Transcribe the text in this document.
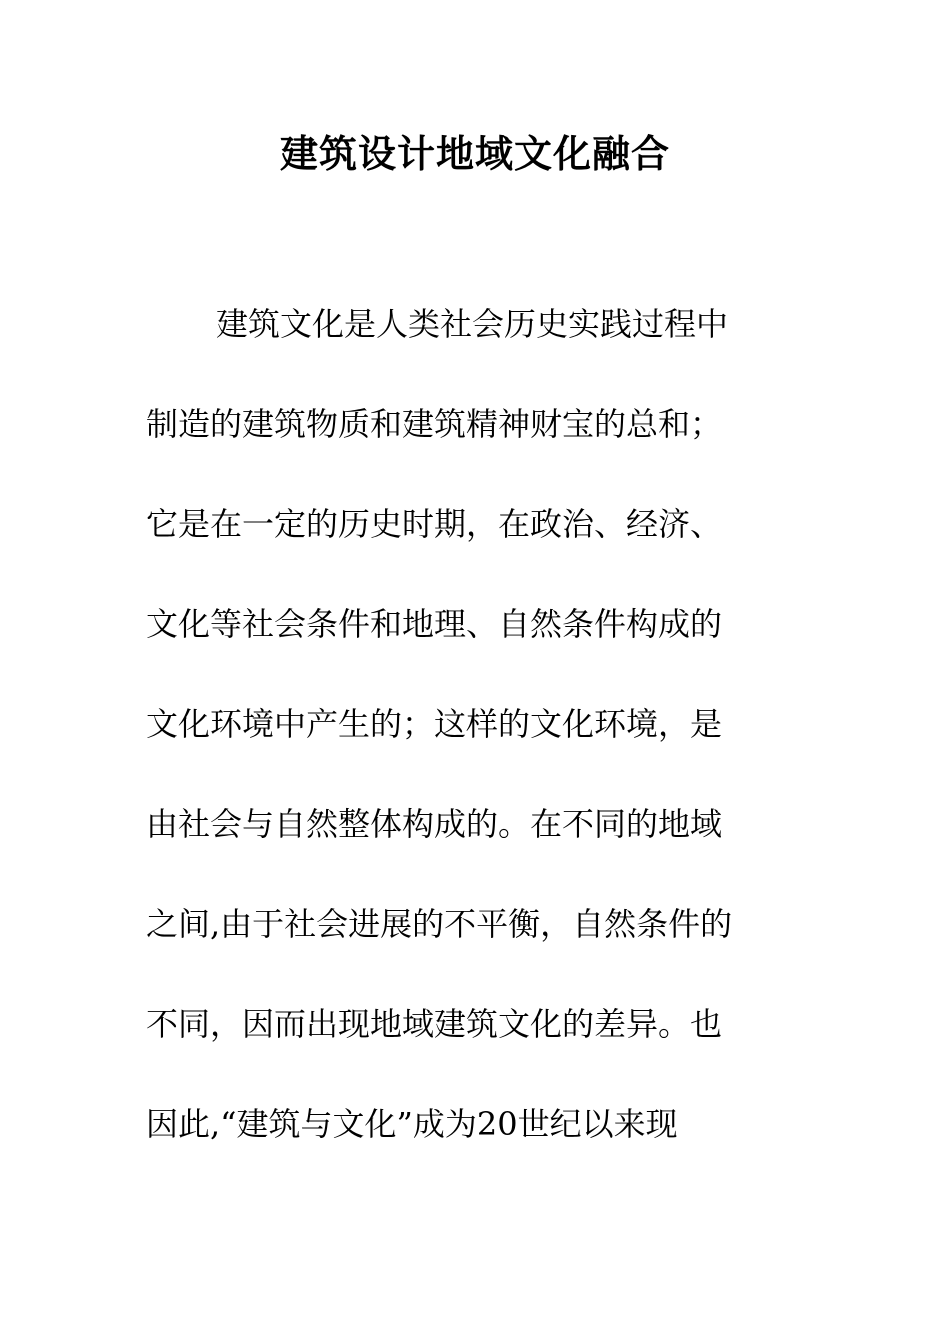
建筑设计地域文化融合
建筑文化是人类社会历史实践过程中
制造的建筑物质和建筑精神财宝的总和；
它是在一定的历史时期，在政治、经济、
文化等社会条件和地理、自然条件构成的
文化环境中产生的；这样的文化环境，是
由社会与自然整体构成的。在不同的地域
之间,由于社会进展的不平衡，自然条件的
不同，因而出现地域建筑文化的差异。也
因此,“建筑与文化”成为20世纪以来现
